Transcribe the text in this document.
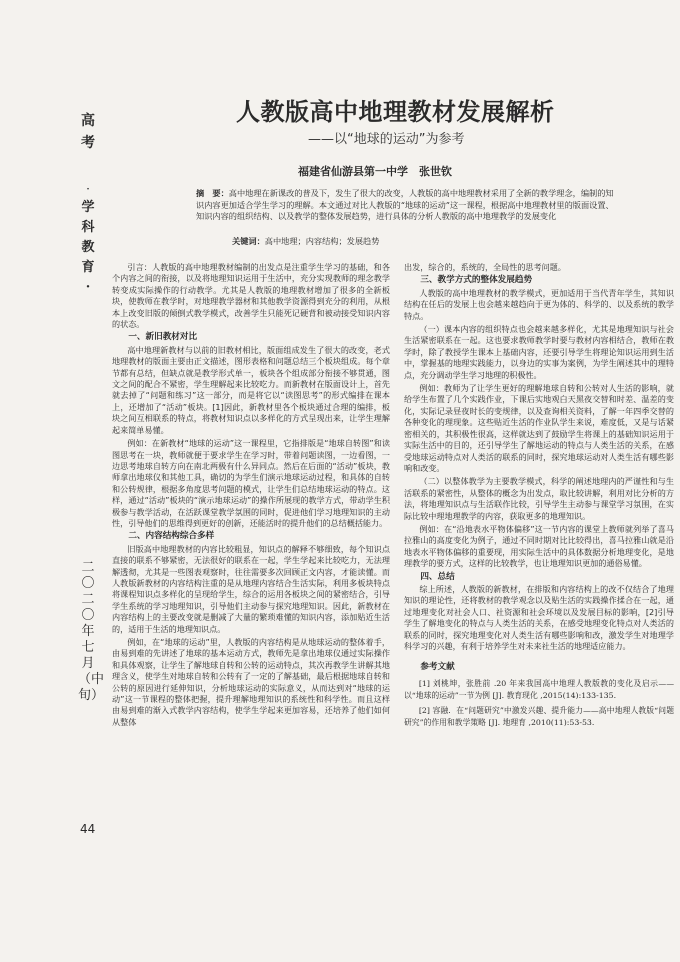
高
考
·
学
科
教
育
·
二
〇
二
〇
年
七
月
（中
旬）
44
人教版高中地理教材发展解析
——以“地球的运动”为参考
福建省仙游县第一中学　张世钦
摘　要：高中地理在新课改的普及下，发生了很大的改变，人教版的高中地理教材采用了全新的教学理念，编制的知识内容更加适合学生学习的理解。本文通过对比人教版的“地球的运动”这一课程，根据高中地理教材里的版面设置、知识内容的组织结构、以及教学的整体发展趋势，进行具体的分析人教版的高中地理教学的发展变化
关键词：高中地理；内容结构；发展趋势

引言：人教版的高中地理教材编制的出发点是注重学生学习的基础，和各个内容之间的衔接，以及将地理知识运用于生活中，充分实现教师的理念教学转变成实际操作的行动教学。尤其是人教版的地理教材增加了很多的全新板块，使教师在教学时，对地理教学器材和其他教学资源得到充分的利用，从根本上改变旧版的倾倒式教学模式，改善学生只能死记硬背和被动接受知识内容的状态。

一、新旧教材对比

高中地理新教材与以前的旧教材相比，版面组成发生了很大的改变，老式地理教材的版面主要由正文描述，图形表格和问题总结三个板块组成。每个章节都有总结，但缺点就是教学形式单一，板块各个组成部分衔接不够贯通，图文之间的配合不紧密，学生理解起来比较吃力。而新教材在版面设计上，首先就去掉了“问题和练习”这一部分，而是将它以“读图思考”的形式编排在课本上，还增加了“活动”板块。[1]因此，新教材里各个板块通过合理的编排，板块之间互相联系的特点，将教材知识点以多样化的方式呈现出来，让学生理解起来简单易懂。

例如：在新教材“地球的运动”这一课程里，它指排版是“地球自转图”和读图思考在一块，教师就便于要求学生在学习时，带着问题读图，一边看图，一边思考地球自转方向在南北两极有什么异同点。然后在后面的“活动”板块，教师拿出地球仪和其他工具，确切的为学生们演示地球运动过程，和具体的自转和公转规律，根据多角度思考问题的模式，让学生们总结地球运动的特点。这样，通过“活动”板块的“演示地球运动”的操作所展现的教学方式，带动学生积极参与教学活动，在活跃课堂教学氛围的同时，促进他们学习地理知识的主动性，引导他们的思维得到更好的创新，还能活时的提升他们的总结概括能力。

二、内容结构综合多样

旧版高中地理教材的内容比较粗显，知识点的解释不够细致，每个知识点直接的联系不够紧密，无法很好的联系在一起，学生学起来比较吃力，无法理解透彻，尤其是一些图表观察时，往往需要多次回顾正文内容，才能读懂。而人教版新教材的内容结构注重的是从地理内容结合生活实际，利用多板块特点将课程知识点多样化的呈现给学生，综合的运用各板块之间的紧密结合，引导学生系统的学习地理知识，引导他们主动参与探究地理知识。因此，新教材在内容结构上的主要改变就是删减了大量的繁琐难懂的知识内容，添加贴近生活的，适用于生活的地理知识点。

例如，在“地球的运动”里，人教版的内容结构是从地球运动的整体着手，由易到难的先讲述了地球的基本运动方式，教师先是拿出地球仪通过实际操作和具体观察，让学生了解地球自转和公转的运动特点，其次再教学生讲解其地理含义，使学生对地球自转和公转有了一定的了解基础，最后根据地球自转和公转的原因进行延伸知识，分析地球运动的实际意义，从而达到对“地球的运动”这一节课程的整体把握，提升理解地理知识的系统性和科学性。而且这样由易到难的渐入式教学内容结构，使学生学起来更加容易，还培养了他们如何从整体

出发，综合的，系统的，全局性的思考问题。

三、教学方式的整体发展趋势

人教版的高中地理教材的教学模式，更加适用于当代青年学生，其知识结构在任后的发展上也会越来越趋向于更为体的、科学的、以及系统的教学特点。

（一）课本内容的组织特点也会越来越多样化，尤其是地理知识与社会生活紧密联系在一起。这也要求教师教学时要与教材内容相结合，教师在教学时，除了教授学生课本上基础内容，还要引导学生将理论知识运用到生活中，掌握基的地理实践能力，以身边的实事为案例，为学生阐述其中的理特点，充分调动学生学习地理的积极性。

例如：教师为了让学生更好的理解地球自转和公转对人生活的影响，就给学生布置了几个实践作业，下课后实地观白天黑夜交替和时差、温差的变化，实际记录昼夜时长的变规律，以及查询相关资料，了解一年四季交替的各种变化的理现象。这些贴近生活的作业队学生来说，难度低，又是与话紧密相关的，其积极性很高，这样就达到了鼓励学生将课上的基础知识运用于实际生活中的目的，还引导学生了解地运动的特点与人类生活的关系，在感受地球运动特点对人类活的联系的同时，探究地球运动对人类生活有哪些影响和改变。

（二）以整体教学为主要教学模式，科学的阐述地理内的严谨性和与生活联系的紧密性，从整体的概念为出发点，取比较讲解，利用对比分析的方法，将地理知识点与生活联作比较，引导学生主动参与课堂学习氛围，在实际比较中理地理教学的内容，获取更多的地理知识。

例如：在“沿地表水平物体偏移”这一节内容的课堂上教师就列举了喜马拉雅山的高度变化为例子，通过不同时期对比比较得出，喜马拉雅山就是沿地表水平物体偏移的重要现，用实际生活中的具体数据分析地理变化，是地理教学的要方式，这样的比较教学，也让地理知识更加的通俗易懂。

四、总结

综上所述，人教版的新教材，在排版和内容结构上的改不仅结合了地理知识的理论性，还将教材的教学观念以及贴生活的实践操作揉合在一起，通过地理变化对社会人口、社资源和社会环境以及发展目标的影响，[2]引导学生了解地变化的特点与人类生活的关系，在感受地理变化特点对人类活的联系的同时，探究地理变化对人类生活有哪些影响和改，激发学生对地理学科学习的兴趣，有利于培养学生对未来社生活的地理适应能力。

参考文献
[1] 刘桃坤，张胜前 .20 年来我国高中地理人教版教的变化及启示——以“地球的运动”一节为例 [J]. 教育现化 ,2015(14):133-135.
[2] 容融．在“问题研究”中激发兴趣、提升能力——高中地理人教版“问题研究”的作用和教学策略 [J]. 地理育 ,2010(11):53-53.
